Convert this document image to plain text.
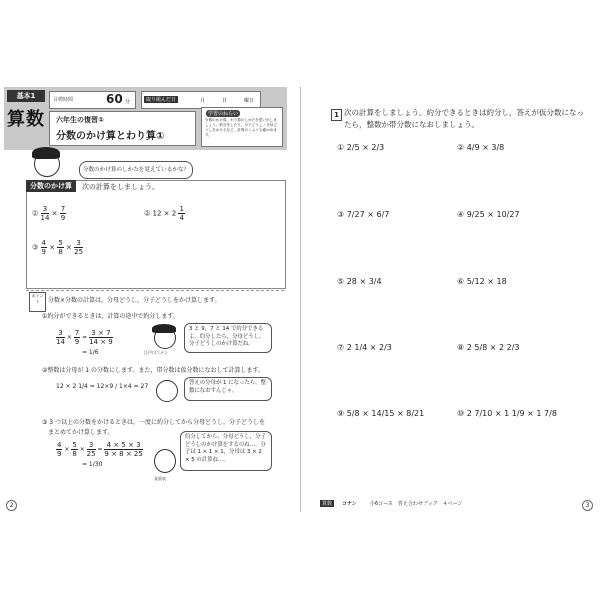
基本1
算数
目標時間	60 分	取り組んだ日	月	日	曜日
六年生の復習①
分数のかけ算とわり算①
学習のねらい
分数のかけ算、わり算のしかたを思い出しましょう。約分をしたり、分子どうし・分母どうしをかけるなど、計算のくふうも確かめます。
分数のかけ算のしかたを覚えているかな？
分数のかけ算	次の計算をしましょう。
① $\frac{3}{14} \times \frac{7}{9}$	② $12 \times 2 \frac{1}{4}$
③ $\frac{4}{9} \times \frac{5}{8} \times \frac{3}{25}$
ポイント	分数×分数の計算は，分母どうし，分子どうしをかけ算します。
①約分ができるときは，計算の途中で約分します。
$\frac{3}{14} \times \frac{7}{9} = \frac{3 \times 7}{14 \times 9}$
= 1/6	江戸川コナン
3 と 9，7 と 14 で約分できるよ。約分したら，分母どうし，分子どうしのかけ算だね。
②整数は分母が 1 の分数にします。また，帯分数は仮分数になおして計算します。
12 × 2 1/4 = 12×9 / 1×4 = 27	答えの分母が 1 になったら，整数になおすんじゃ。
③ 3 つ以上の分数をかけるときは，一度に約分してから分母どうし，分子どうしを
まとめてかけ算します。
$\frac{4}{9} \times \frac{5}{8} \times \frac{3}{25} = \frac{4 \times 5 \times 3}{9 \times 8 \times 25}$
= 1/30
灰原哀
約分してから，分母どうし，分子どうしのかけ算をするのね…。分子は 1 × 1 × 1，分母は 3 × 2 × 5 の計算ね…。
2
1 次の計算をしましょう。約分できるときは約分し，答えが仮分数になったら，整数か帯分数になおしましょう。
① 2/5 × 2/3	② 4/9 × 3/8
③ 7/27 × 6/7	④ 9/25 × 10/27
⑤ 28 × 3/4	⑥ 5/12 × 18
⑦ 2 1/4 × 2/3	⑧ 2 5/8 × 2 2/3
⑨ 5/8 × 14/15 × 8/21	⑩ 2 7/10 × 1 1/9 × 1 7/8
算数	コナン	小6コース　答え合わせブック　４ページ	3
